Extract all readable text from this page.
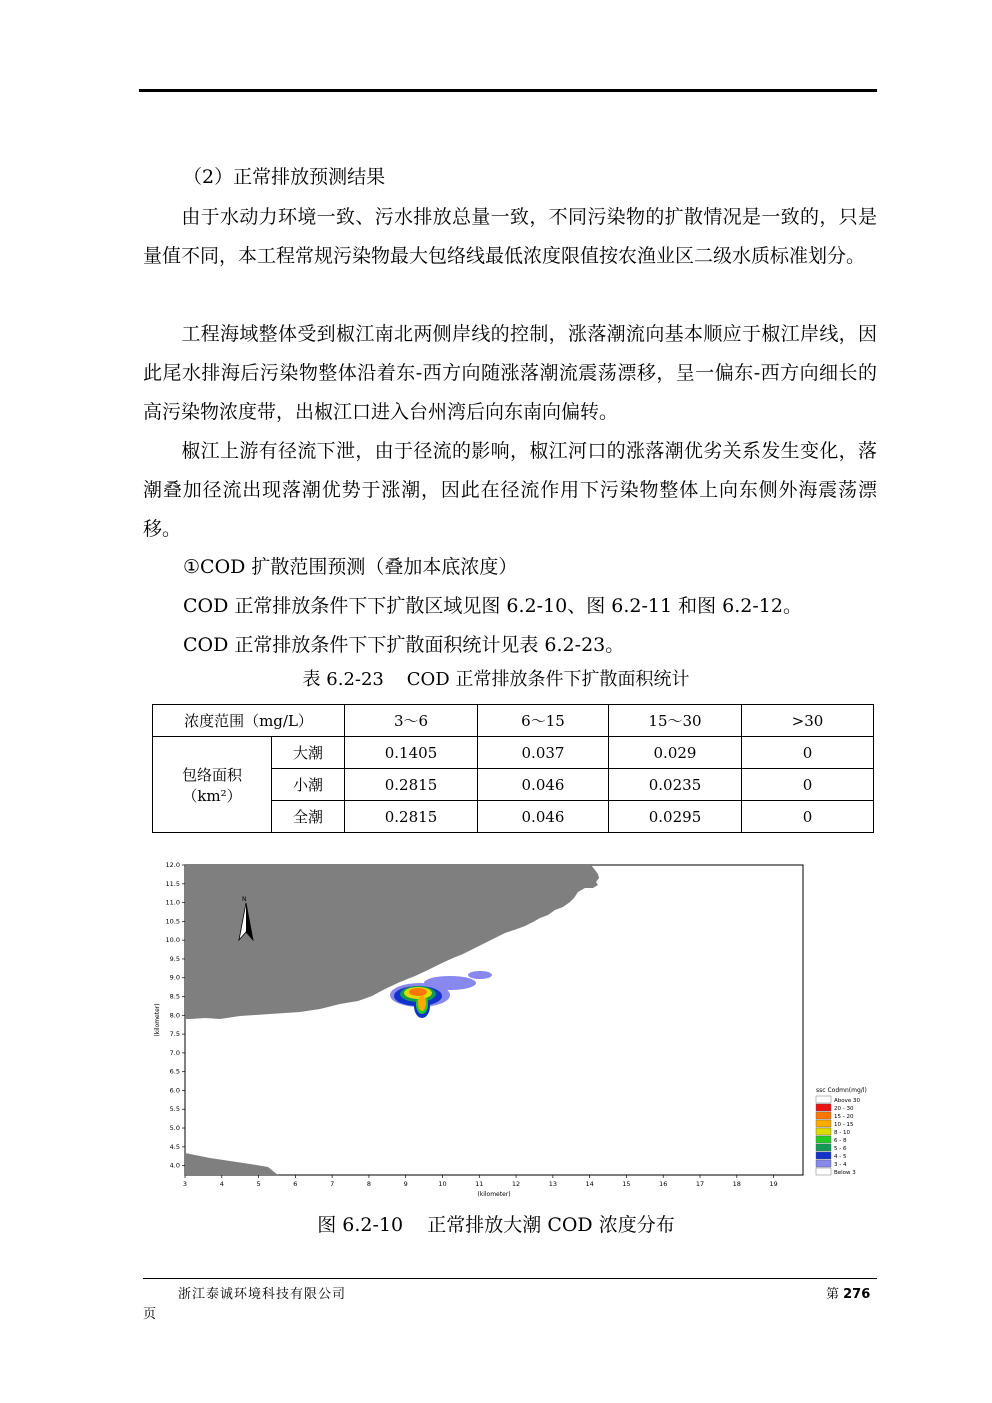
（2）正常排放预测结果

由于水动力环境一致、污水排放总量一致，不同污染物的扩散情况是一致的，只是量值不同，本工程常规污染物最大包络线最低浓度限值按农渔业区二级水质标准划分。

工程海域整体受到椒江南北两侧岸线的控制，涨落潮流向基本顺应于椒江岸线，因此尾水排海后污染物整体沿着东-西方向随涨落潮流震荡漂移，呈一偏东-西方向细长的高污染物浓度带，出椒江口进入台州湾后向东南向偏转。

椒江上游有径流下泄，由于径流的影响，椒江河口的涨落潮优劣关系发生变化，落潮叠加径流出现落潮优势于涨潮，因此在径流作用下污染物整体上向东侧外海震荡漂移。

①COD 扩散范围预测（叠加本底浓度）
COD 正常排放条件下下扩散区域见图 6.2-10、图 6.2-11 和图 6.2-12。
COD 正常排放条件下下扩散面积统计见表 6.2-23。
表 6.2-23    COD 正常排放条件下扩散面积统计
浓度范围（mg/L）		3～6	6～15	15～30	>30
包络面积
（km²）	大潮	0.1405	0.037	0.029	0
	小潮	0.2815	0.046	0.0235	0
	全潮	0.2815	0.046	0.0295	0
N
4.0
4.5
5.0
5.5
6.0
6.5
7.0
7.5
8.0
8.5
9.0
9.5
10.0
10.5
11.0
11.5
12.0
3	4	5	6	7	8	9	10	11	12	13	14	15	16	17	18	19
(kilometer)
(kilometer)
ssc Codmn(mg/l)
Above 30
20 - 30
15 - 20
10 - 15
8 - 10
6 - 8
5 - 6
4 - 5
3 - 4
Below 3
图 6.2-10    正常排放大潮 COD 浓度分布
浙江泰诚环境科技有限公司	第 276
页
